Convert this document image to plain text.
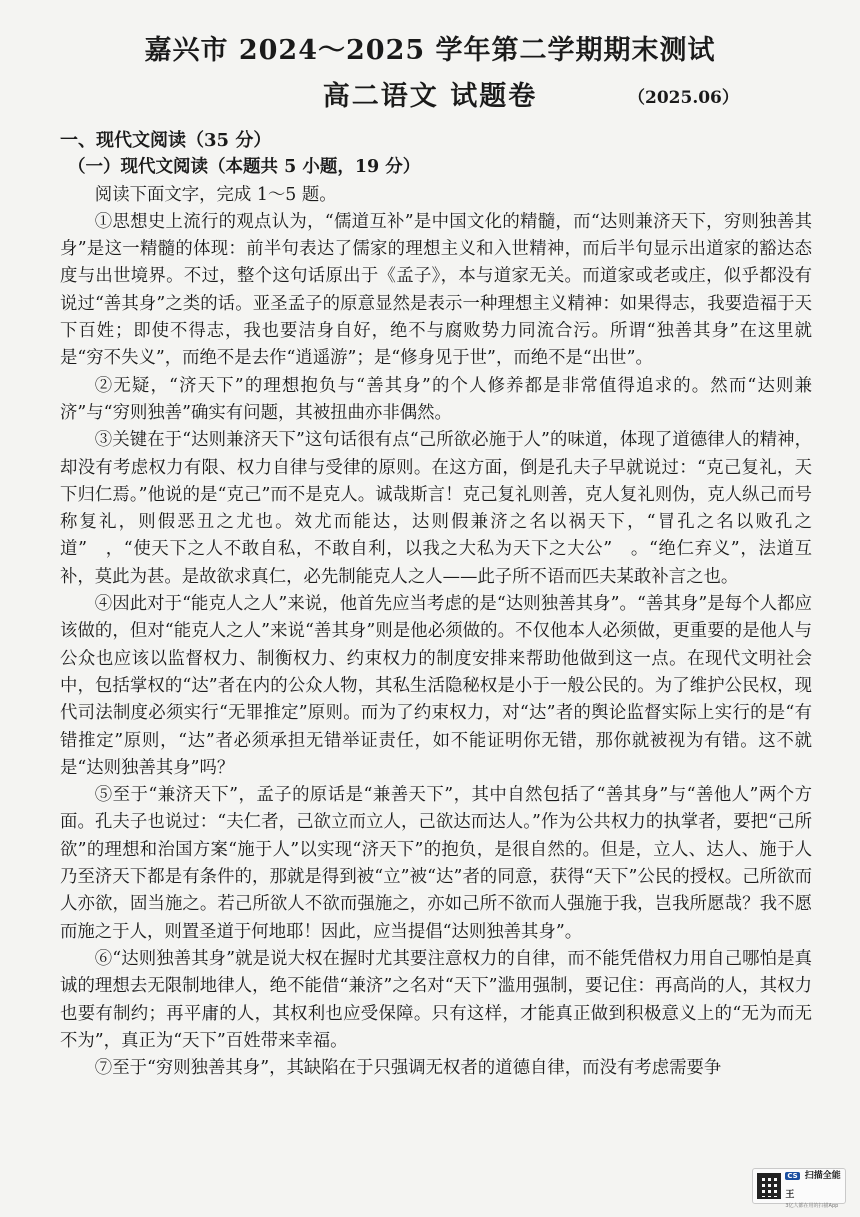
嘉兴市 2024～2025 学年第二学期期末测试
高二语文 试题卷	（2025.06）
一、现代文阅读（35 分）
（一）现代文阅读（本题共 5 小题，19 分）
阅读下面文字，完成 1～5 题。

①思想史上流行的观点认为，“儒道互补”是中国文化的精髓，而“达则兼济天下，穷则独善其身”是这一精髓的体现：前半句表达了儒家的理想主义和入世精神，而后半句显示出道家的豁达态度与出世境界。不过，整个这句话原出于《孟子》，本与道家无关。而道家或老或庄，似乎都没有说过“善其身”之类的话。亚圣孟子的原意显然是表示一种理想主义精神：如果得志，我要造福于天下百姓；即使不得志，我也要洁身自好，绝不与腐败势力同流合污。所谓“独善其身”在这里就是“穷不失义”，而绝不是去作“逍遥游”；是“修身见于世”，而绝不是“出世”。

②无疑，“济天下”的理想抱负与“善其身”的个人修养都是非常值得追求的。然而“达则兼济”与“穷则独善”确实有问题，其被扭曲亦非偶然。

③关键在于“达则兼济天下”这句话很有点“己所欲必施于人”的味道，体现了道德律人的精神，却没有考虑权力有限、权力自律与受律的原则。在这方面，倒是孔夫子早就说过：“克己复礼，天下归仁焉。”他说的是“克己”而不是克人。诚哉斯言！克己复礼则善，克人复礼则伪，克人纵己而号称复礼，则假恶丑之尤也。效尤而能达，达则假兼济之名以祸天下，“冒孔之名以败孔之道”　，“使天下之人不敢自私，不敢自利，以我之大私为天下之大公”　。“绝仁弃义”，法道互补，莫此为甚。是故欲求真仁，必先制能克人之人——此子所不语而匹夫某敢补言之也。

④因此对于“能克人之人”来说，他首先应当考虑的是“达则独善其身”。“善其身”是每个人都应该做的，但对“能克人之人”来说“善其身”则是他必须做的。不仅他本人必须做，更重要的是他人与公众也应该以监督权力、制衡权力、约束权力的制度安排来帮助他做到这一点。在现代文明社会中，包括掌权的“达”者在内的公众人物，其私生活隐秘权是小于一般公民的。为了维护公民权，现代司法制度必须实行“无罪推定”原则。而为了约束权力，对“达”者的舆论监督实际上实行的是“有错推定”原则，“达”者必须承担无错举证责任，如不能证明你无错，那你就被视为有错。这不就是“达则独善其身”吗？

⑤至于“兼济天下”，孟子的原话是“兼善天下”，其中自然包括了“善其身”与“善他人”两个方面。孔夫子也说过：“夫仁者，己欲立而立人，己欲达而达人。”作为公共权力的执掌者，要把“己所欲”的理想和治国方案“施于人”以实现“济天下”的抱负，是很自然的。但是，立人、达人、施于人乃至济天下都是有条件的，那就是得到被“立”被“达”者的同意，获得“天下”公民的授权。己所欲而人亦欲，固当施之。若己所欲人不欲而强施之，亦如己所不欲而人强施于我，岂我所愿哉？我不愿而施之于人，则置圣道于何地耶！因此，应当提倡“达则独善其身”。

⑥“达则独善其身”就是说大权在握时尤其要注意权力的自律，而不能凭借权力用自己哪怕是真诚的理想去无限制地律人，绝不能借“兼济”之名对“天下”滥用强制，要记住：再高尚的人，其权力也要有制约；再平庸的人，其权利也应受保障。只有这样，才能真正做到积极意义上的“无为而无不为”，真正为“天下”百姓带来幸福。

⑦至于“穷则独善其身”，其缺陷在于只强调无权者的道德自律，而没有考虑需要争

CS 扫描全能王
3亿人都在用的扫描App
